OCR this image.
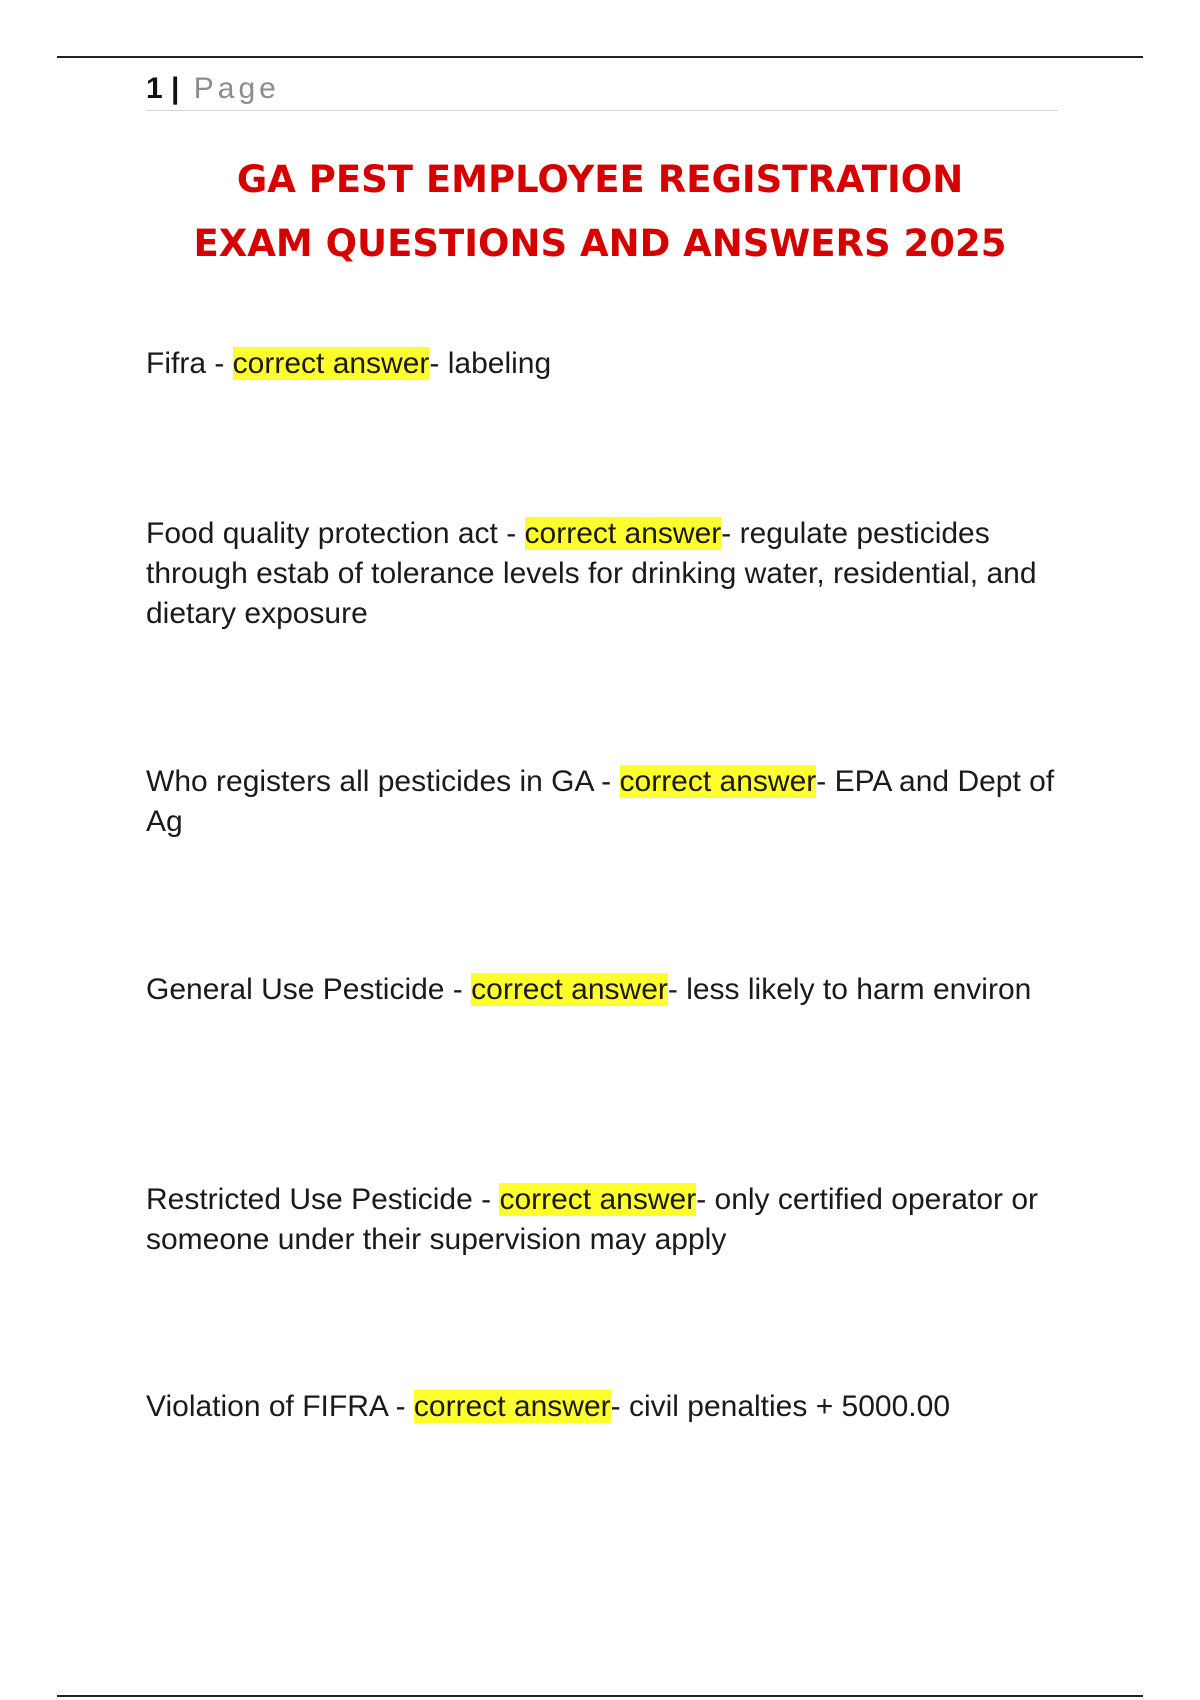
1 | Page
GA PEST EMPLOYEE REGISTRATION
EXAM QUESTIONS AND ANSWERS 2025
Fifra - correct answer- labeling
Food quality protection act - correct answer- regulate pesticides through estab of tolerance levels for drinking water, residential, and dietary exposure
Who registers all pesticides in GA - correct answer- EPA and Dept of Ag
General Use Pesticide - correct answer- less likely to harm environ
Restricted Use Pesticide - correct answer- only certified operator or someone under their supervision may apply
Violation of FIFRA - correct answer- civil penalties + 5000.00
